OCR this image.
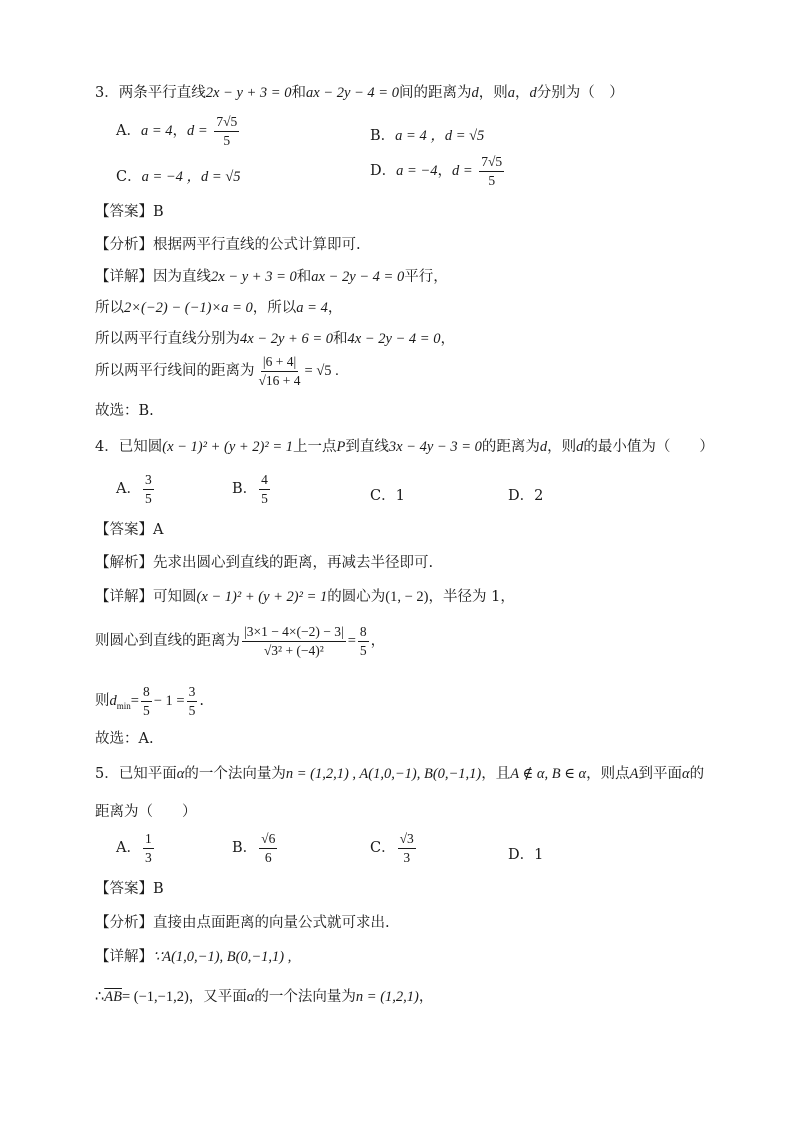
3．两条平行直线2x − y + 3 = 0和ax − 2y − 4 = 0间的距离为d，则a，d分别为（　）
A．a = 4，$d = \frac{7√5}{5}$	B．a = 4 ，d = √5
C．a = −4 ，d = √5	D．a = −4，$d = \frac{7√5}{5}$
【答案】B
【分析】根据两平行直线的公式计算即可.
【详解】因为直线2x − y + 3 = 0和ax − 2y − 4 = 0平行，
所以2×(−2) − (−1)×a = 0，所以a = 4，
所以两平行直线分别为4x − 2y + 6 = 0和4x − 2y − 4 = 0，
所以两平行线间的距离为 $\frac{|6 + 4|}{√16 + 4} = √5$ .
故选：B.
4．已知圆(x − 1)² + (y + 2)² = 1上一点P到直线3x − 4y − 3 = 0的距离为d，则d的最小值为（　　）
A． $\frac{3}{5}$	B． $\frac{4}{5}$	C．1	D．2
【答案】A
【解析】先求出圆心到直线的距离，再减去半径即可.
【详解】可知圆(x − 1)² + (y + 2)² = 1的圆心为(1, − 2)，半径为 1，
则圆心到直线的距离为 $\frac{|3\times 1 - 4\times(-2) - 3|}{\text{√3² + (−4)²}} = \frac{8}{5}$ ，
则$d_{min}= \frac{8}{5} - 1 = \frac{3}{5}$ .
故选：A.
5．已知平面α的一个法向量为n = (1,2,1) , A(1,0,−1), B(0,−1,1)，且A ∉ α, B ∈ α，则点A到平面α的
距离为（　　）
A． $\frac{1}{3}$	B． $\frac{√6}{6}$	C． $\frac{√3}{3}$	D．1
【答案】B
【分析】直接由点面距离的向量公式就可求出.
【详解】∵A(1,0,−1), B(0,−1,1) ,
$\therefore\overline{AB}= (-1,-1,2)$，又平面α的一个法向量为n = (1,2,1)，
